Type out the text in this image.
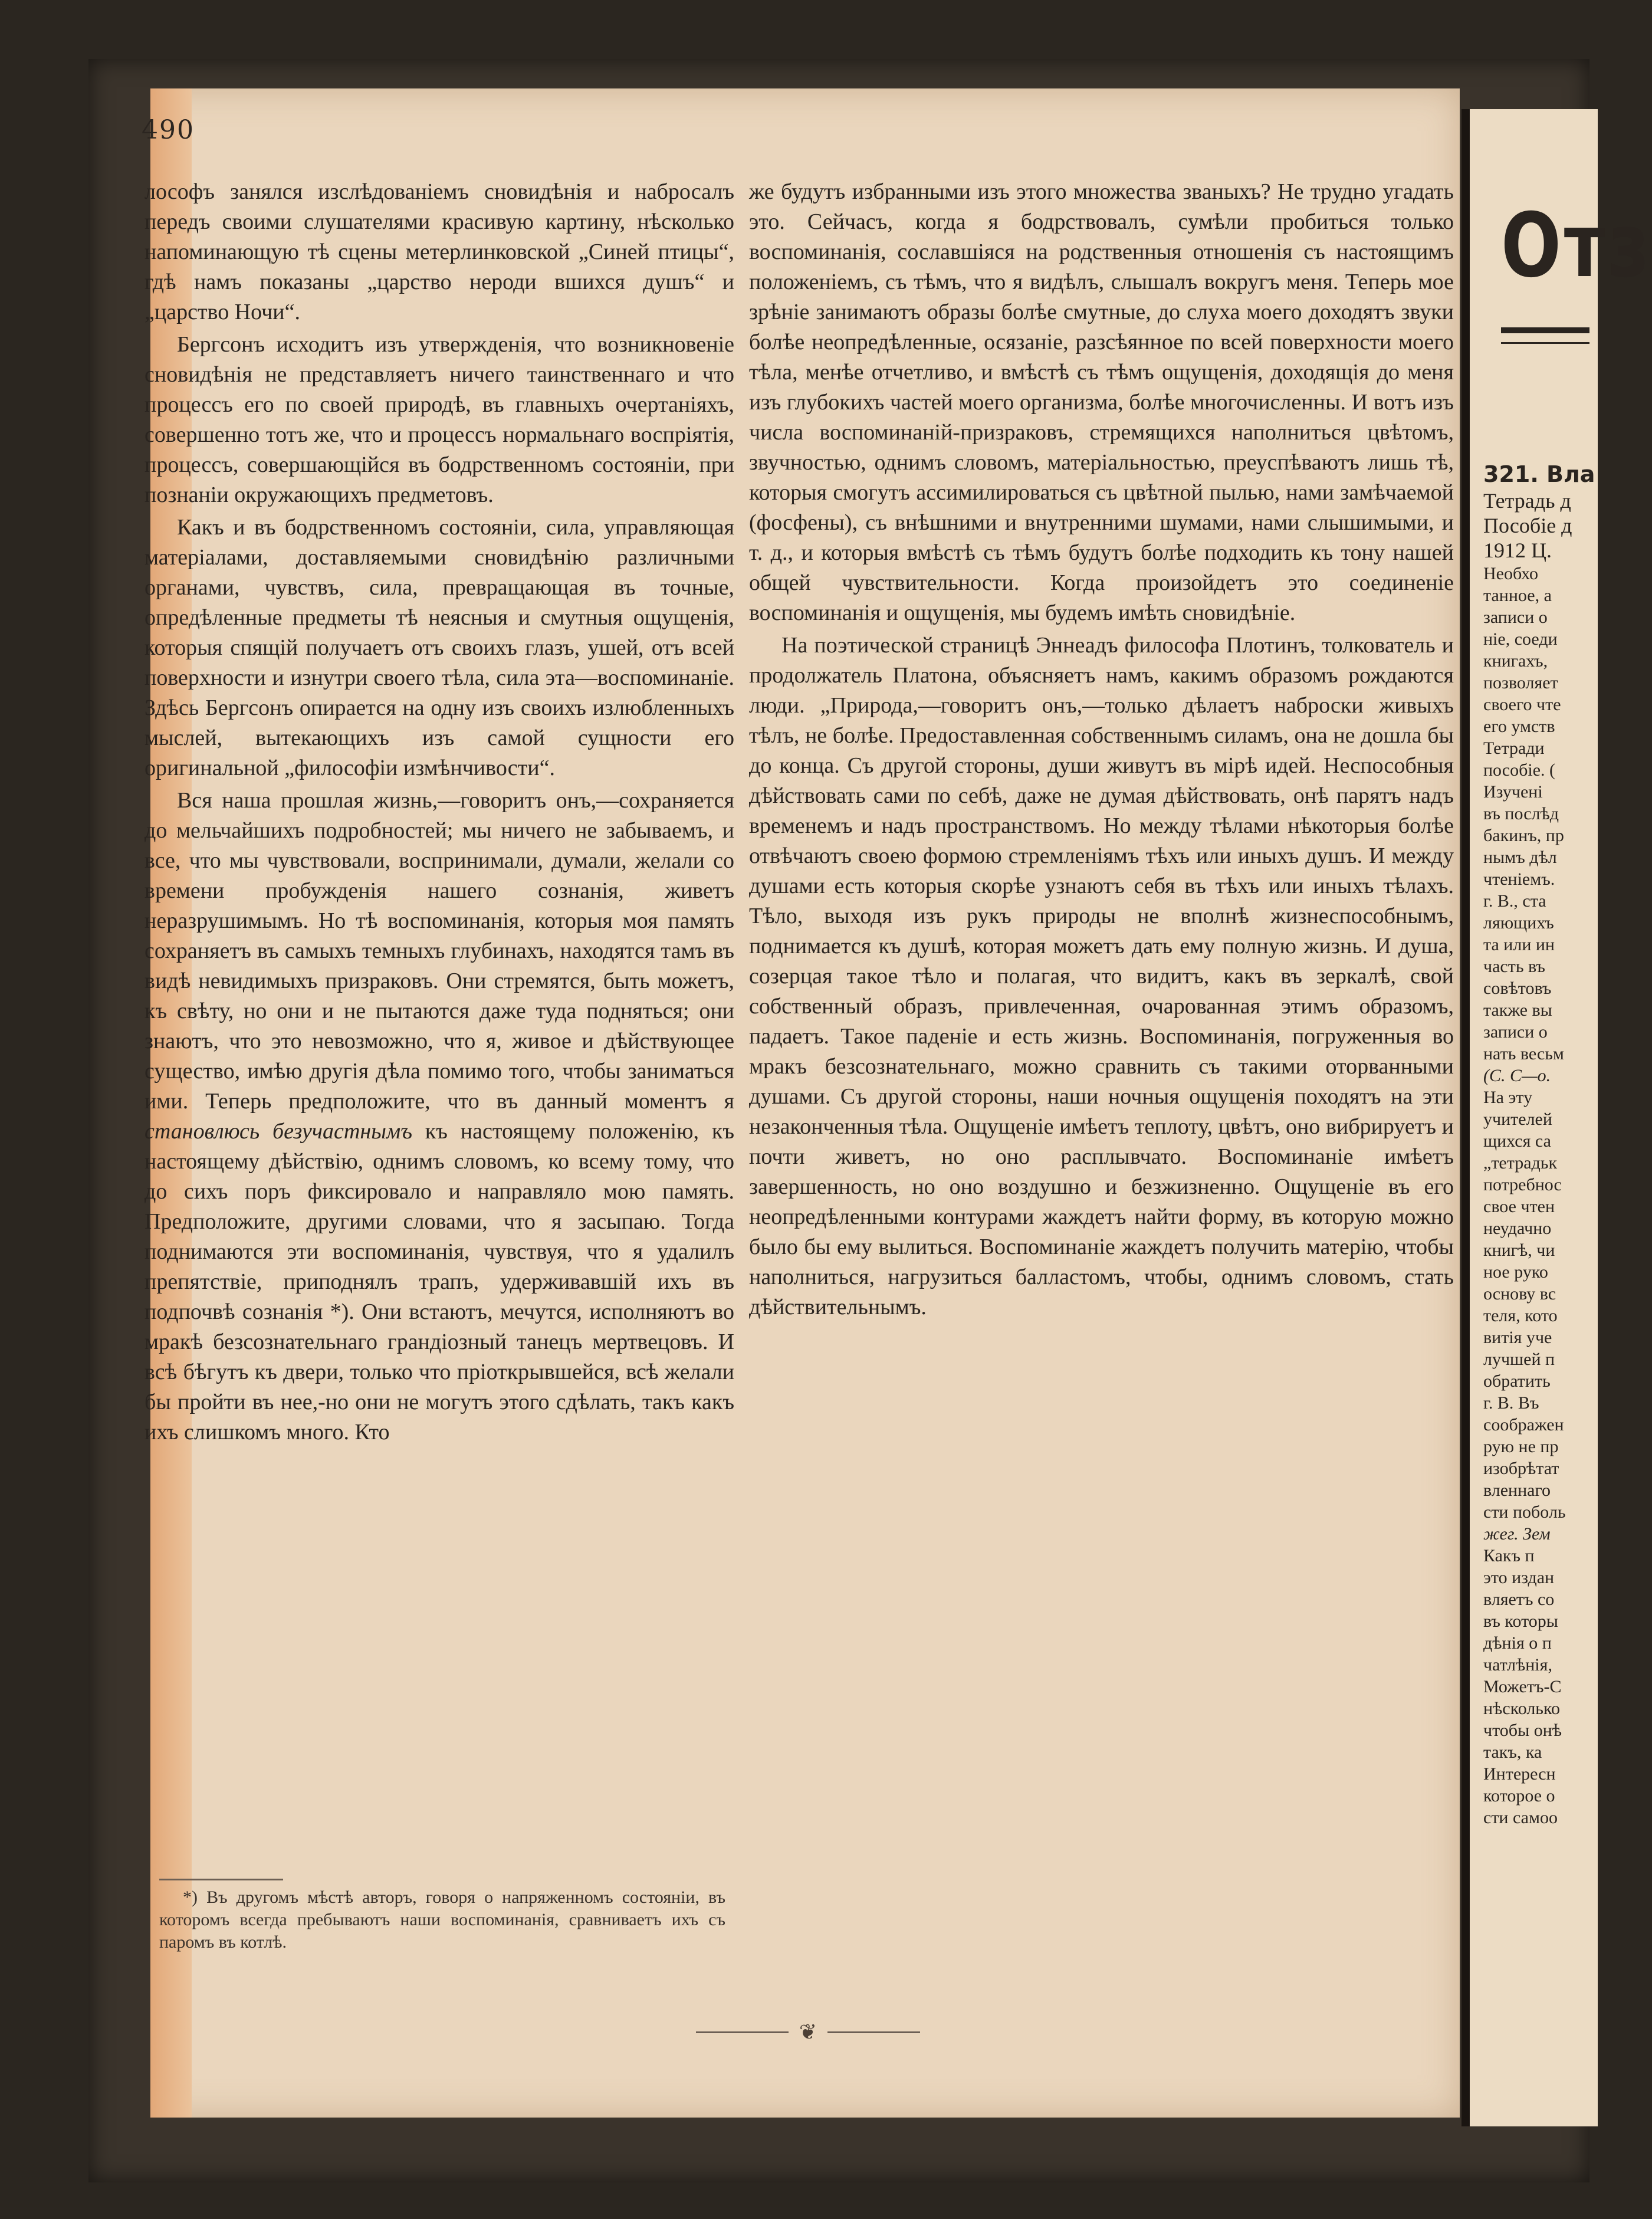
490

лософъ занялся изслѣдованіемъ сновидѣнія и набросалъ передъ своими слушателями красивую картину, нѣсколько напоминающую тѣ сцены метерлинковской „Синей птицы“, гдѣ намъ показаны „царство нероди вшихся душъ“ и „царство Ночи“.

Бергсонъ исходитъ изъ утвержденія, что возникновеніе сновидѣнія не представляетъ ничего таинственнаго и что процессъ его по своей природѣ, въ главныхъ очертаніяхъ, совершенно тотъ же, что и процессъ нормальнаго воспріятія, процессъ, совершающійся въ бодрственномъ состояніи, при познаніи окружающихъ предметовъ.

Какъ и въ бодрственномъ состояніи, сила, управляющая матеріалами, доставляемыми сновидѣнію различными органами, чувствъ, сила, превращающая въ точные, опредѣленные предметы тѣ неясныя и смутныя ощущенія, которыя спящій получаетъ отъ своихъ глазъ, ушей, отъ всей поверхности и изнутри своего тѣла, сила эта—воспоминаніе. Здѣсь Бергсонъ опирается на одну изъ своихъ излюбленныхъ мыслей, вытекающихъ изъ самой сущности его оригинальной „философіи измѣнчивости“.

Вся наша прошлая жизнь,—говоритъ онъ,—сохраняется до мельчайшихъ подробностей; мы ничего не забываемъ, и все, что мы чувствовали, воспринимали, думали, желали со времени пробужденія нашего сознанія, живетъ неразрушимымъ. Но тѣ воспоминанія, которыя моя память сохраняетъ въ самыхъ темныхъ глубинахъ, находятся тамъ въ видѣ невидимыхъ призраковъ. Они стремятся, быть можетъ, къ свѣту, но они и не пытаются даже туда подняться; они знаютъ, что это невозможно, что я, живое и дѣйствующее существо, имѣю другія дѣла помимо того, чтобы заниматься ими. Теперь предположите, что въ данный моментъ я становлюсь безучастнымъ къ настоящему положенію, къ настоящему дѣйствію, однимъ словомъ, ко всему тому, что до сихъ поръ фиксировало и направляло мою память. Предположите, другими словами, что я засыпаю. Тогда поднимаются эти воспоминанія, чувствуя, что я удалилъ препятствіе, приподнялъ трапъ, удерживавшій ихъ въ подпочвѣ сознанія *). Они встаютъ, мечутся, исполняютъ во мракѣ безсознательнаго грандіозный танецъ мертвецовъ. И всѣ бѣгутъ къ двери, только что пріоткрывшейся, всѣ желали бы пройти въ нее,-но они не могутъ этого сдѣлать, такъ какъ ихъ слишкомъ много. Кто

же будутъ избранными изъ этого множества званыхъ? Не трудно угадать это. Сейчасъ, когда я бодрствовалъ, сумѣли пробиться только воспоминанія, сославшіяся на родственныя отношенія съ настоящимъ положеніемъ, съ тѣмъ, что я видѣлъ, слышалъ вокругъ меня. Теперь мое зрѣніе занимаютъ образы болѣе смутные, до слуха моего доходятъ звуки болѣе неопредѣленные, осязаніе, разсѣянное по всей поверхности моего тѣла, менѣе отчетливо, и вмѣстѣ съ тѣмъ ощущенія, доходящія до меня изъ глубокихъ частей моего организма, болѣе многочисленны. И вотъ изъ числа воспоминаній-призраковъ, стремящихся наполниться цвѣтомъ, звучностью, однимъ словомъ, матеріальностью, преуспѣваютъ лишь тѣ, которыя смогутъ ассимилироваться съ цвѣтной пылью, нами замѣчаемой (фосфены), съ внѣшними и внутренними шумами, нами слышимыми, и т. д., и которыя вмѣстѣ съ тѣмъ будутъ болѣе подходить къ тону нашей общей чувствительности. Когда произойдетъ это соединеніе воспоминанія и ощущенія, мы будемъ имѣть сновидѣніе.

На поэтической страницѣ Эннеадъ философа Плотинъ, толкователь и продолжатель Платона, объясняетъ намъ, какимъ образомъ рождаются люди. „Природа,—говоритъ онъ,—только дѣлаетъ наброски живыхъ тѣлъ, не болѣе. Предоставленная собственнымъ силамъ, она не дошла бы до конца. Съ другой стороны, души живутъ въ мірѣ идей. Неспособныя дѣйствовать сами по себѣ, даже не думая дѣйствовать, онѣ парятъ надъ временемъ и надъ пространствомъ. Но между тѣлами нѣкоторыя болѣе отвѣчаютъ своею формою стремленіямъ тѣхъ или иныхъ душъ. И между душами есть которыя скорѣе узнаютъ себя въ тѣхъ или иныхъ тѣлахъ. Тѣло, выходя изъ рукъ природы не вполнѣ жизнеспособнымъ, поднимается къ душѣ, которая можетъ дать ему полную жизнь. И душа, созерцая такое тѣло и полагая, что видитъ, какъ въ зеркалѣ, свой собственный образъ, привлеченная, очарованная этимъ образомъ, падаетъ. Такое паденіе и есть жизнь. Воспоминанія, погруженныя во мракъ безсознательнаго, можно сравнить съ такими оторванными душами. Съ другой стороны, наши ночныя ощущенія походятъ на эти незаконченныя тѣла. Ощущеніе имѣетъ теплоту, цвѣтъ, оно вибрируетъ и почти живетъ, но оно расплывчато. Воспоминаніе имѣетъ завершенность, но оно воздушно и безжизненно. Ощущеніе въ его неопредѣленными контурами жаждетъ найти форму, въ которую можно было бы ему вылиться. Воспоминаніе жаждетъ получить матерію, чтобы наполниться, нагрузиться балластомъ, чтобы, однимъ словомъ, стать дѣйствительнымъ.

*) Въ другомъ мѣстѣ авторъ, говоря о напряженномъ состояніи, въ которомъ всегда пребываютъ наши воспоминанія, сравниваетъ ихъ съ паромъ въ котлѣ.
❦
Отз
321. Вла
Тетрадь д
Пособіе д
1912 Ц.
Необхо
танное, а
записи о
ніе, соеди
книгахъ,
позволяет
своего чте
его умств
Тетради
пособіе. (
Изучені
въ послѣд
бакинъ, пр
нымъ дѣл
чтеніемъ.
г. В., ста
ляющихъ
та или ин
часть въ
совѣтовъ
также вы
записи о
нать весьм
(С. С—о.
На эту
учителей
щихся са
„тетрадьк
потребнос
свое чтен
неудачно
книгѣ, чи
ное руко
основу вс
теля, кото
витія уче
лучшей п
обратить
г. В. Въ
соображен
рую не пр
изобрѣтат
вленнаго
сти поболь
жег. Зем
Какъ п
это издан
вляетъ со
въ которы
дѣнія о п
чатлѣнія,
Можетъ-С
нѣсколько
чтобы онѣ
такъ, ка
Интересн
которое о
сти самоо
